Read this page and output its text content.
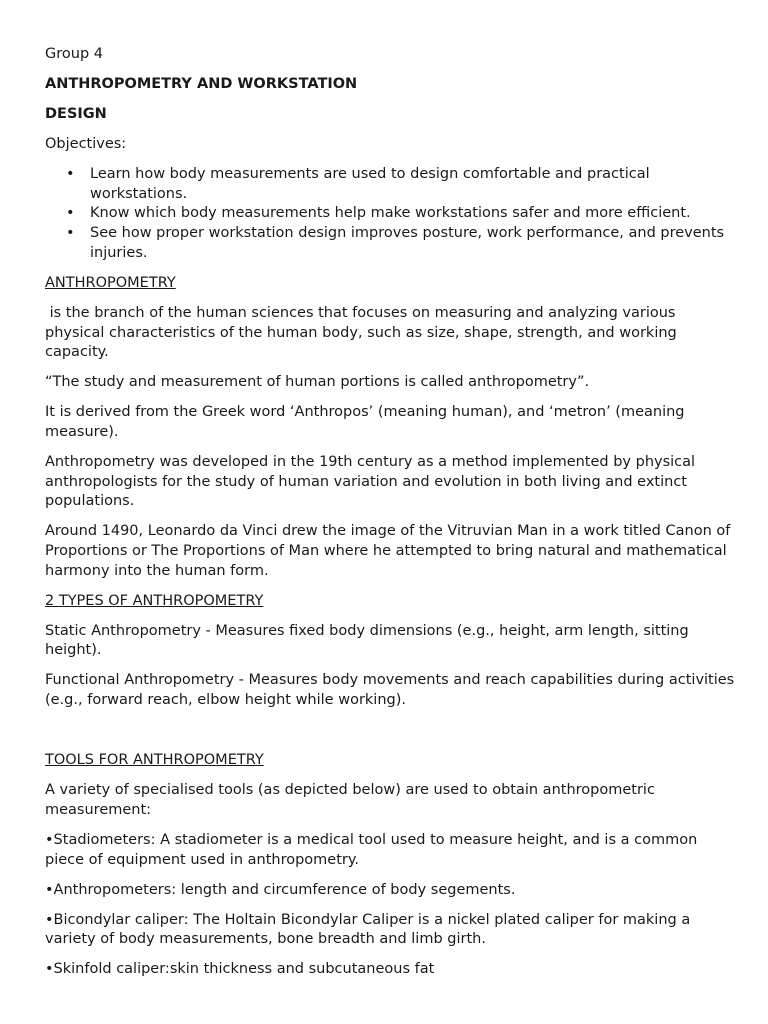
Group 4

ANTHROPOMETRY AND WORKSTATION

DESIGN

Objectives:

• Learn how body measurements are used to design comfortable and practical workstations.
• Know which body measurements help make workstations safer and more efficient.
• See how proper workstation design improves posture, work performance, and prevents injuries.

ANTHROPOMETRY

is the branch of the human sciences that focuses on measuring and analyzing various physical characteristics of the human body, such as size, shape, strength, and working capacity.

“The study and measurement of human portions is called anthropometry”.

It is derived from the Greek word ‘Anthropos’ (meaning human), and ‘metron’ (meaning measure).

Anthropometry was developed in the 19th century as a method implemented by physical anthropologists for the study of human variation and evolution in both living and extinct populations.

Around 1490, Leonardo da Vinci drew the image of the Vitruvian Man in a work titled Canon of Proportions or The Proportions of Man where he attempted to bring natural and mathematical harmony into the human form.

2 TYPES OF ANTHROPOMETRY

Static Anthropometry - Measures fixed body dimensions (e.g., height, arm length, sitting height).

Functional Anthropometry - Measures body movements and reach capabilities during activities (e.g., forward reach, elbow height while working).

TOOLS FOR ANTHROPOMETRY

A variety of specialised tools (as depicted below) are used to obtain anthropometric measurement:

•Stadiometers: A stadiometer is a medical tool used to measure height, and is a common piece of equipment used in anthropometry.

•Anthropometers: length and circumference of body segements.

•Bicondylar caliper: The Holtain Bicondylar Caliper is a nickel plated caliper for making a variety of body measurements, bone breadth and limb girth.

•Skinfold caliper:skin thickness and subcutaneous fat
